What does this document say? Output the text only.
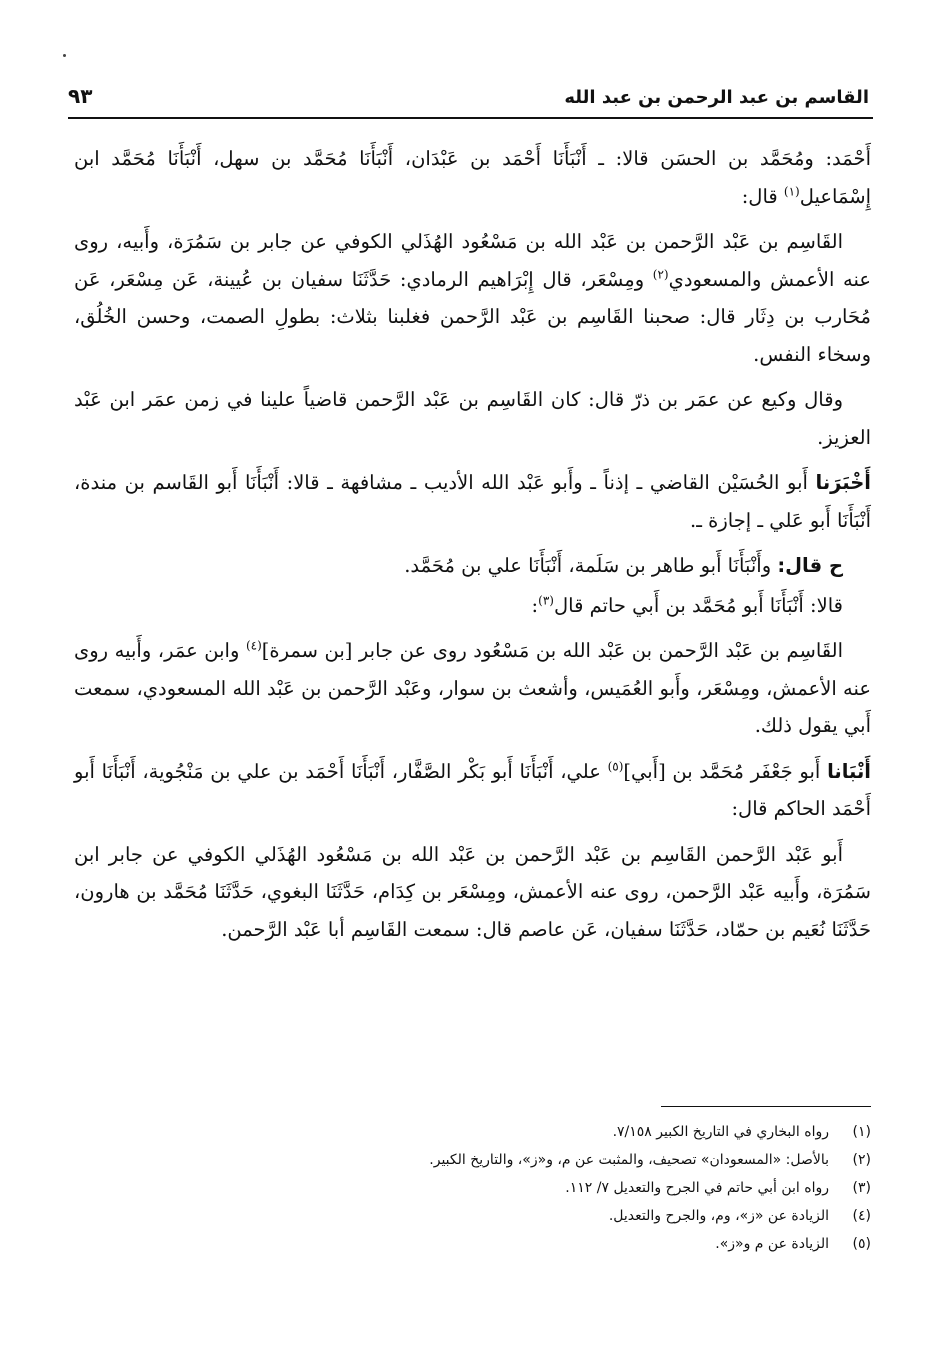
القاسم بن عبد الرحمن بن عبد الله
٩٣

أَحْمَد: ومُحَمَّد بن الحسَن قالا: ـ أَنْبَأَنَا أَحْمَد بن عَبْدَان، أَنْبَأَنَا مُحَمَّد بن سهل، أَنْبَأَنَا مُحَمَّد ابن إِسْمَاعيل$^{(١)}$ قال:

القَاسِم بن عَبْد الرَّحمن بن عَبْد الله بن مَسْعُود الهُذَلي الكوفي عن جابر بن سَمُرَة، وأَبيه، روى عنه الأعمش والمسعودي$^{(٢)}$ ومِسْعَر، قال إِبْرَاهيم الرمادي: حَدَّثَنَا سفيان بن عُيينة، عَن مِسْعَر، عَن مُحَارب بن دِثَار قال: صحبنا القَاسِم بن عَبْد الرَّحمن فغلبنا بثلاث: بطولِ الصمت، وحسن الخُلُق، وسخاء النفس.

وقال وكيع عن عمَر بن ذرّ قال: كان القَاسِم بن عَبْد الرَّحمن قاضياً علينا في زمن عمَر ابن عَبْد العزيز.

أَخْبَرَنا أَبو الحُسَيْن القاضي ـ إذناً ـ وأَبو عَبْد الله الأديب ـ مشافهة ـ قالا: أَنْبَأَنَا أَبو القَاسم بن مندة، أَنْبَأَنَا أَبو عَلي ـ إجازة ـ.

ح قال: وأَنْبَأَنَا أَبو طاهر بن سَلَمة، أَنْبَأَنَا علي بن مُحَمَّد.

قالا: أَنْبَأَنَا أَبو مُحَمَّد بن أَبي حاتم قال$^{(٣)}$:

القَاسِم بن عَبْد الرَّحمن بن عَبْد الله بن مَسْعُود روى عن جابر [بن سمرة]$^{(٤)}$ وابن عمَر، وأَبيه روى عنه الأعمش، ومِسْعَر، وأَبو العُمَيس، وأشعث بن سوار، وعَبْد الرَّحمن بن عَبْد الله المسعودي، سمعت أَبي يقول ذلك.

أَنْبَانا أَبو جَعْفَر مُحَمَّد بن [أَبي]$^{(٥)}$ علي، أَنْبَأَنَا أَبو بَكْر الصَّفَّار، أَنْبَأَنَا أَحْمَد بن علي بن مَنْجُوية، أَنْبَأَنَا أَبو أَحْمَد الحاكم قال:

أَبو عَبْد الرَّحمن القَاسِم بن عَبْد الرَّحمن بن عَبْد الله بن مَسْعُود الهُذَلي الكوفي عن جابر ابن سَمُرَة، وأَبيه عَبْد الرَّحمن، روى عنه الأعمش، ومِسْعَر بن كِدَام، حَدَّثَنَا البغوي، حَدَّثَنَا مُحَمَّد بن هارون، حَدَّثَنَا نُعَيم بن حمّاد، حَدَّثَنَا سفيان، عَن عاصم قال: سمعت القَاسِم أبا عَبْد الرَّحمن.

(١)
رواه البخاري في التاريخ الكبير ٧/١٥٨.
(٢)
بالأصل: «المسعودان» تصحيف، والمثبت عن م، و«ز»، والتاريخ الكبير.
(٣)
رواه ابن أبي حاتم في الجرح والتعديل ٧/ ١١٢.
(٤)
الزيادة عن «ز»، وم، والجرح والتعديل.
(٥)
الزيادة عن م و«ز».
